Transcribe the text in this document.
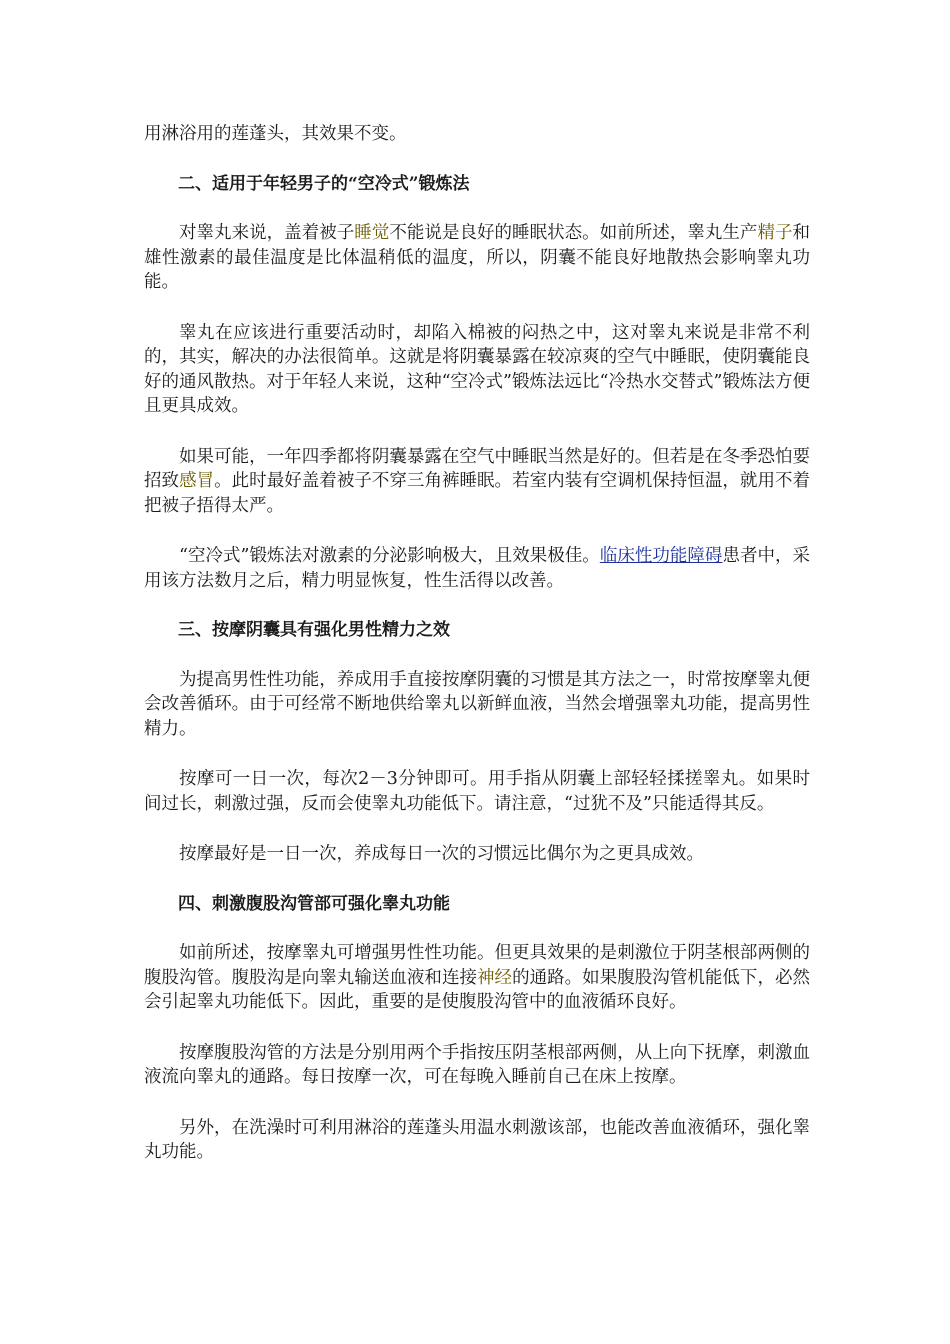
用淋浴用的莲蓬头，其效果不变。

二、适用于年轻男子的“空冷式”锻炼法

对睾丸来说，盖着被子睡觉不能说是良好的睡眠状态。如前所述，睾丸生产精子和雄性激素的最佳温度是比体温稍低的温度，所以，阴囊不能良好地散热会影响睾丸功能。

睾丸在应该进行重要活动时，却陷入棉被的闷热之中，这对睾丸来说是非常不利的，其实，解决的办法很简单。这就是将阴囊暴露在较凉爽的空气中睡眠，使阴囊能良好的通风散热。对于年轻人来说，这种“空冷式”锻炼法远比“冷热水交替式”锻炼法方便且更具成效。

如果可能，一年四季都将阴囊暴露在空气中睡眠当然是好的。但若是在冬季恐怕要招致感冒。此时最好盖着被子不穿三角裤睡眠。若室内装有空调机保持恒温，就用不着把被子捂得太严。

“空冷式”锻炼法对激素的分泌影响极大，且效果极佳。临床性功能障碍患者中，采用该方法数月之后，精力明显恢复，性生活得以改善。

三、按摩阴囊具有强化男性精力之效

为提高男性性功能，养成用手直接按摩阴囊的习惯是其方法之一，时常按摩睾丸便会改善循环。由于可经常不断地供给睾丸以新鲜血液，当然会增强睾丸功能，提高男性精力。

按摩可一日一次，每次2－3分钟即可。用手指从阴囊上部轻轻揉搓睾丸。如果时间过长，刺激过强，反而会使睾丸功能低下。请注意，“过犹不及”只能适得其反。

按摩最好是一日一次，养成每日一次的习惯远比偶尔为之更具成效。

四、刺激腹股沟管部可强化睾丸功能

如前所述，按摩睾丸可增强男性性功能。但更具效果的是刺激位于阴茎根部两侧的腹股沟管。腹股沟是向睾丸输送血液和连接神经的通路。如果腹股沟管机能低下，必然会引起睾丸功能低下。因此，重要的是使腹股沟管中的血液循环良好。

按摩腹股沟管的方法是分别用两个手指按压阴茎根部两侧，从上向下抚摩，刺激血液流向睾丸的通路。每日按摩一次，可在每晚入睡前自己在床上按摩。

另外，在洗澡时可利用淋浴的莲蓬头用温水刺激该部，也能改善血液循环，强化睾丸功能。
